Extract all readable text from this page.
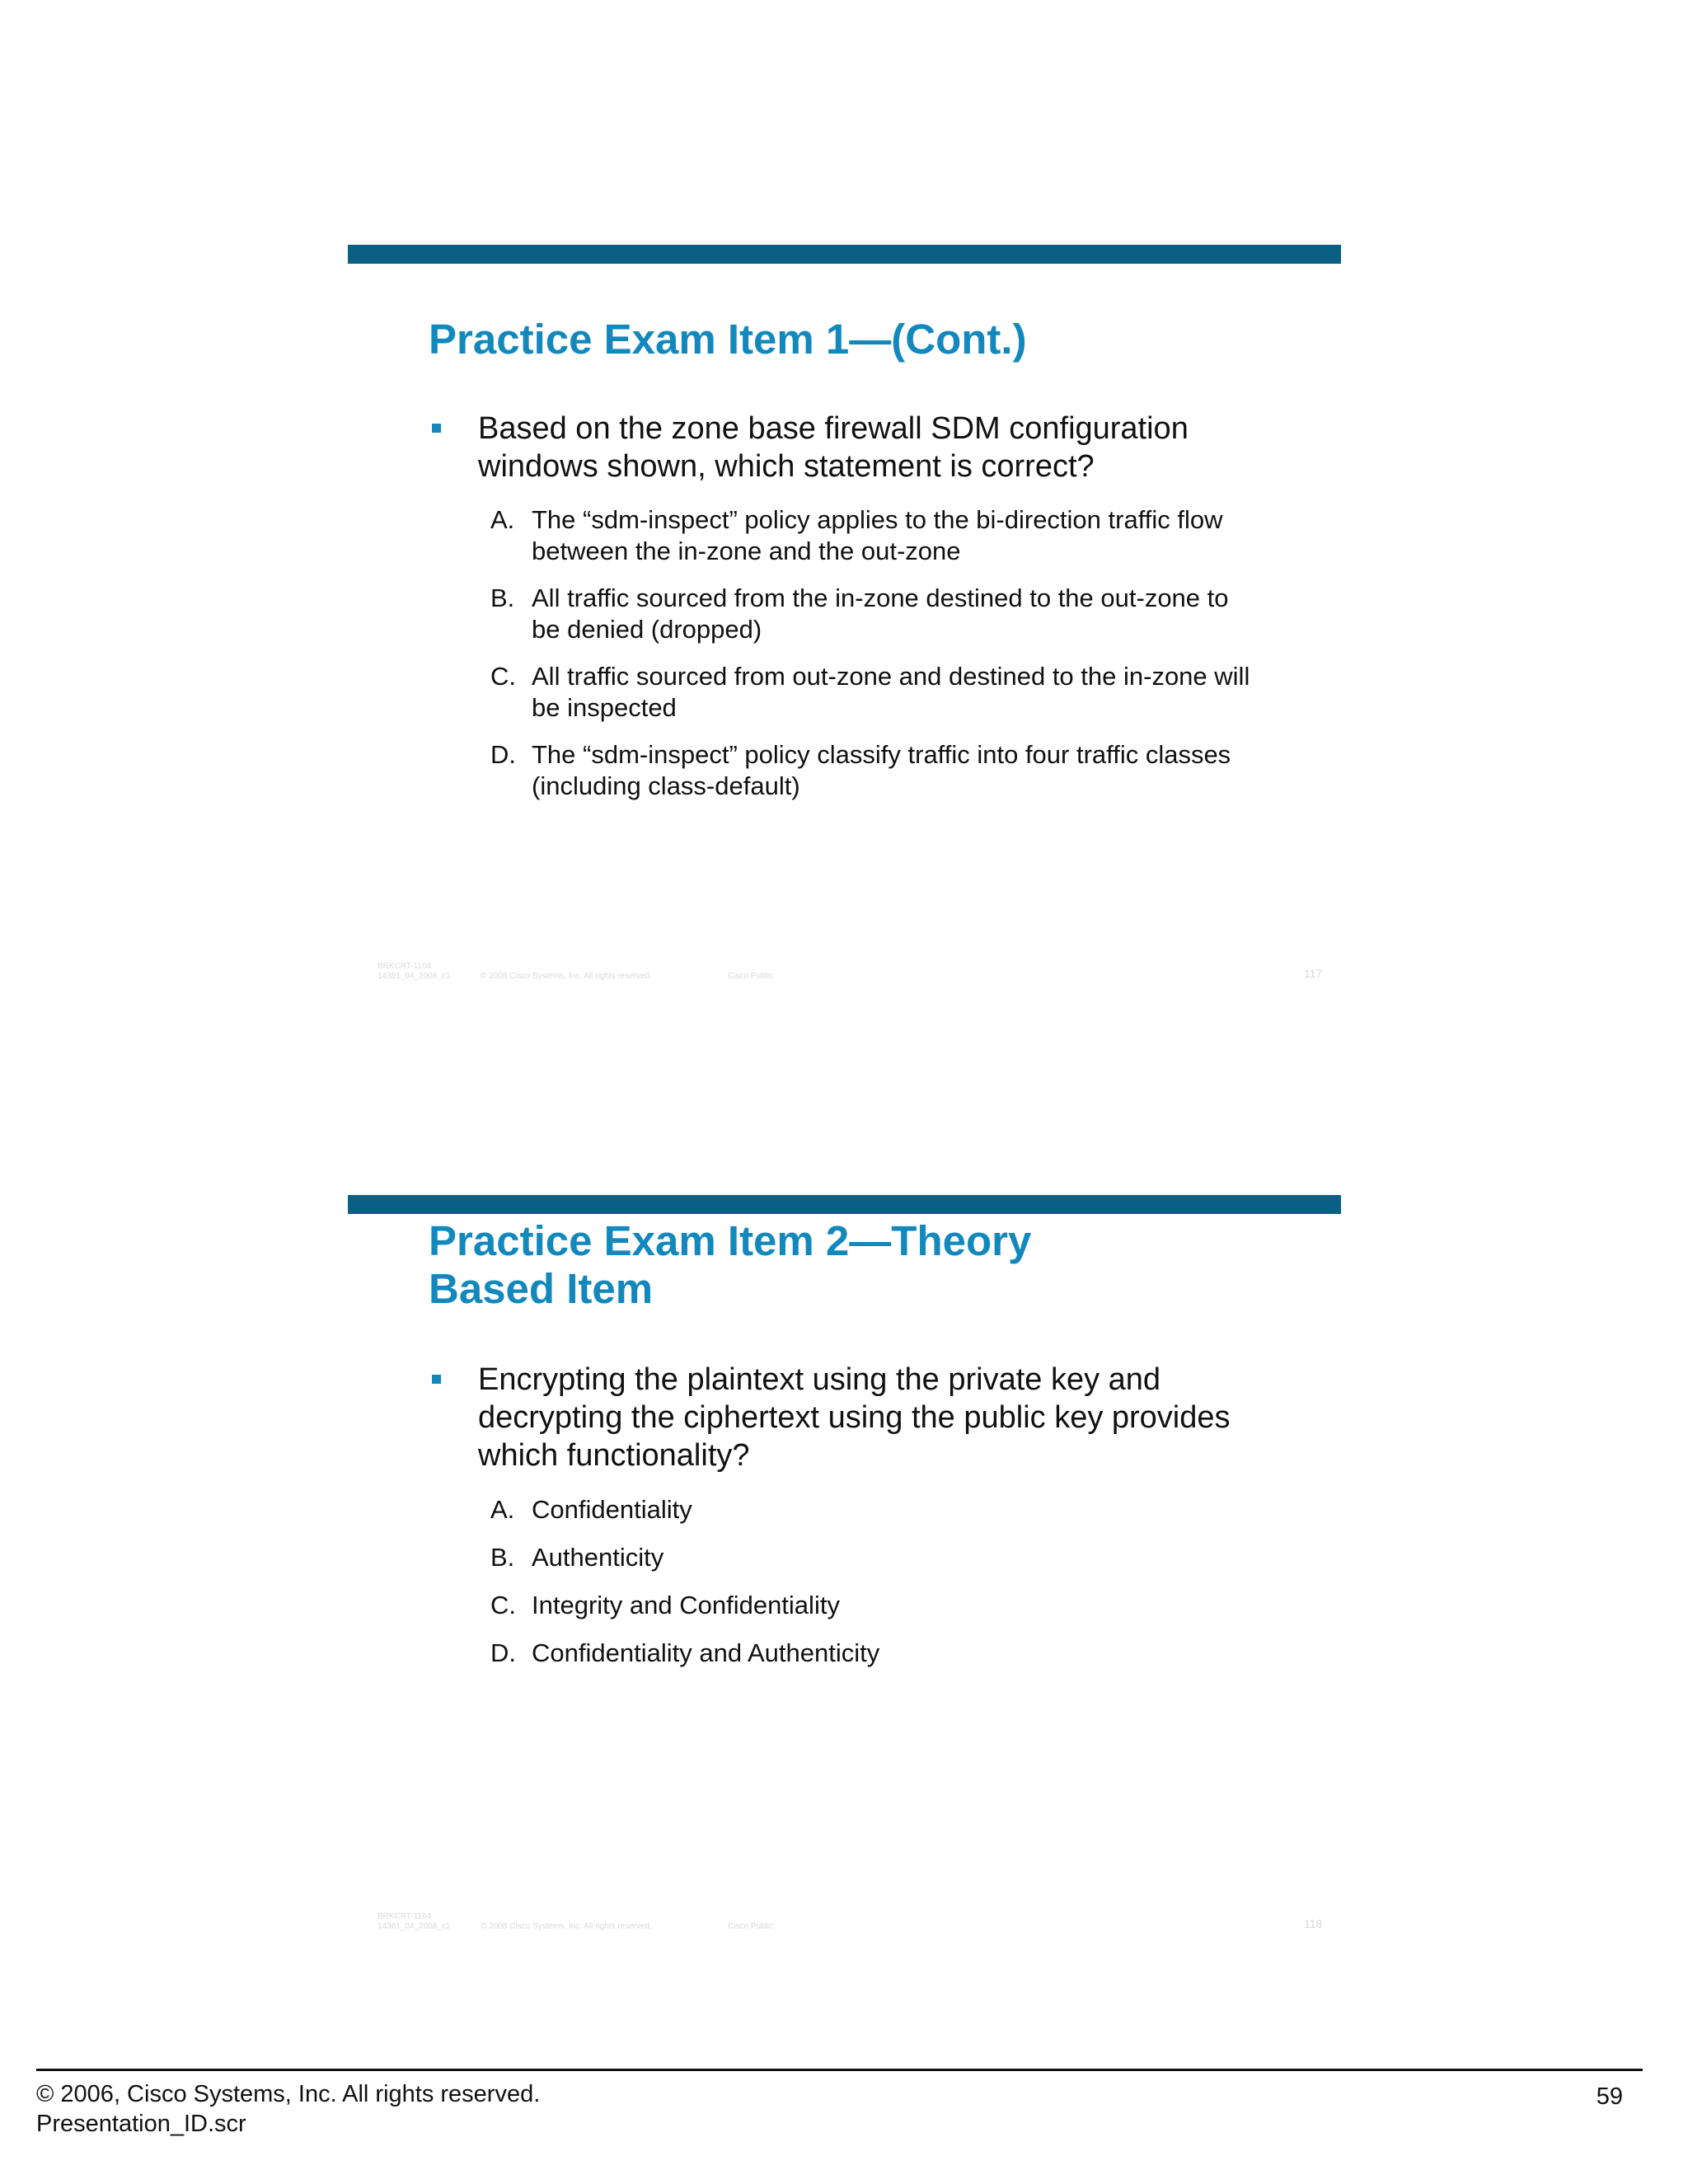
Practice Exam Item 1—(Cont.)
Based on the zone base firewall SDM configuration windows shown, which statement is correct?
A. The “sdm-inspect” policy applies to the bi-direction traffic flow between the in-zone and the out-zone
B. All traffic sourced from the in-zone destined to the out-zone to be denied (dropped)
C. All traffic sourced from out-zone and destined to the in-zone will be inspected
D. The “sdm-inspect” policy classify traffic into four traffic classes (including class-default)
BRKCRT-1104
14381_04_2008_c1	© 2008 Cisco Systems, Inc. All rights reserved.	Cisco Public	117
Practice Exam Item 2—Theory Based Item
Encrypting the plaintext using the private key and decrypting the ciphertext using the public key provides which functionality?
A. Confidentiality
B. Authenticity
C. Integrity and Confidentiality
D. Confidentiality and Authenticity
BRKCRT-1104
14381_04_2008_c1	© 2008 Cisco Systems, Inc. All rights reserved.	Cisco Public	118
© 2006, Cisco Systems, Inc. All rights reserved.
Presentation_ID.scr
59
